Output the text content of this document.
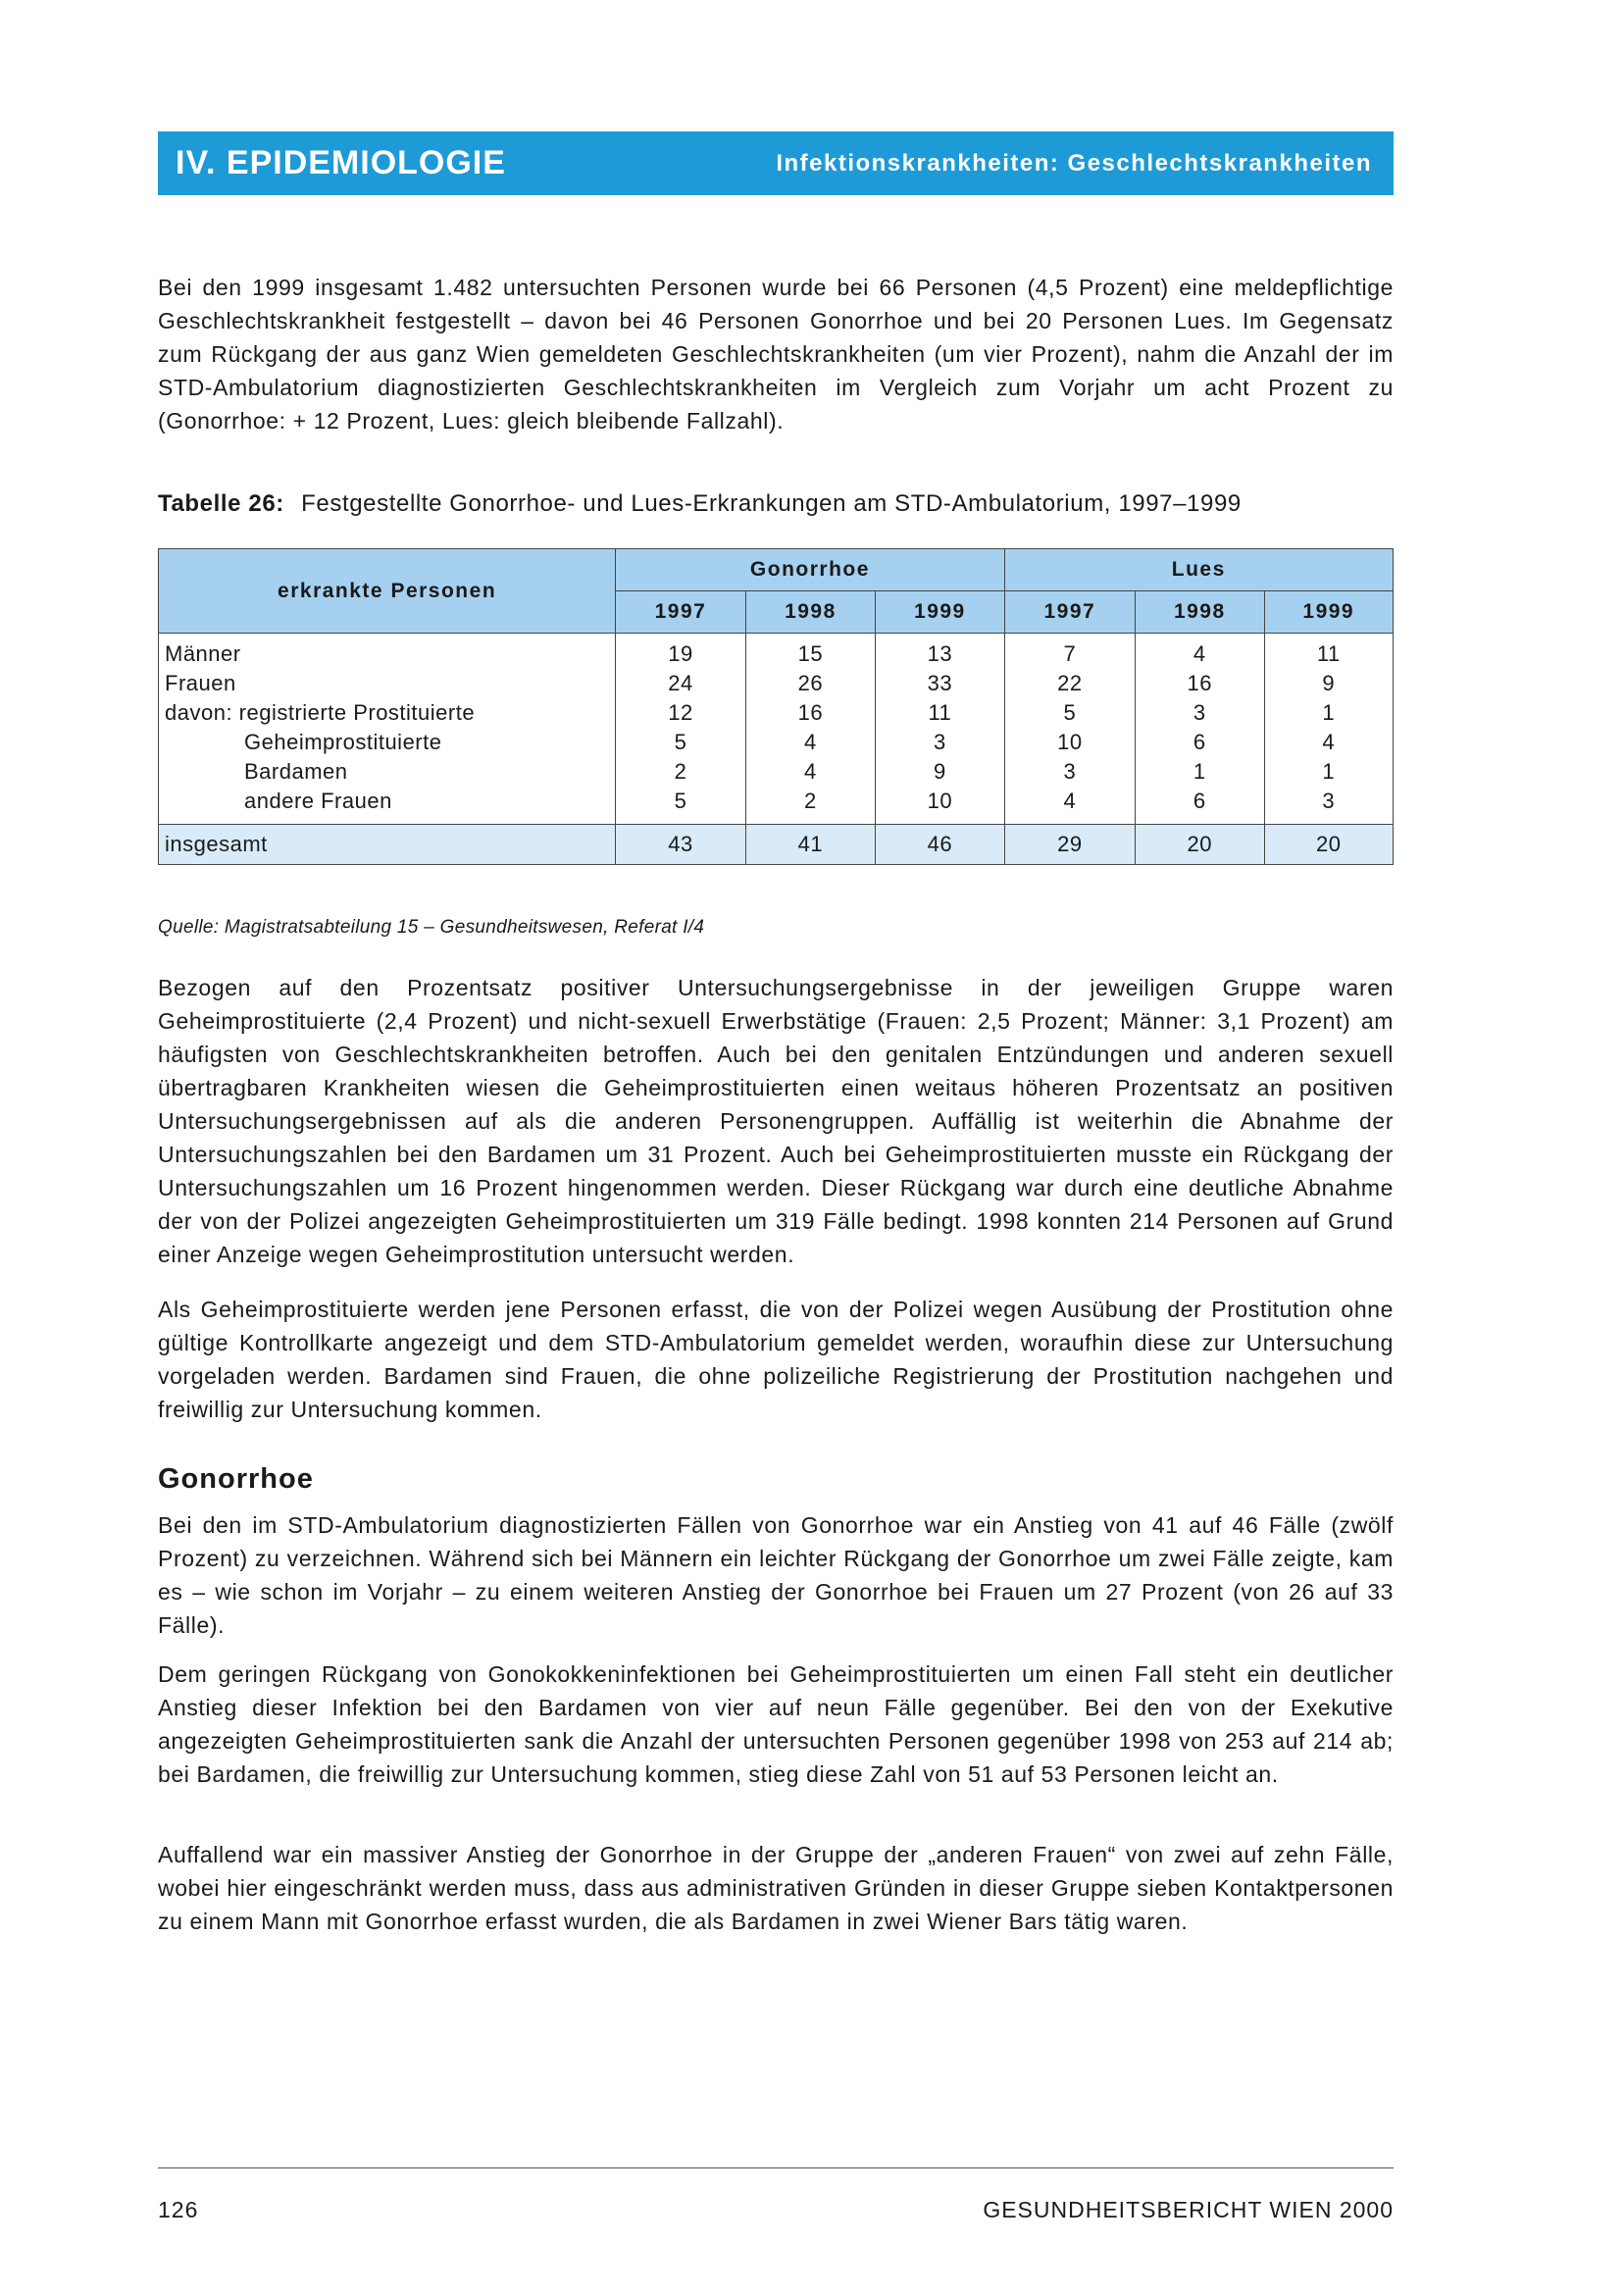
IV. EPIDEMIOLOGIE	Infektionskrankheiten: Geschlechtskrankheiten

Bei den 1999 insgesamt 1.482 untersuchten Personen wurde bei 66 Personen (4,5 Prozent) eine meldepflichtige Geschlechtskrankheit festgestellt – davon bei 46 Personen Gonorrhoe und bei 20 Personen Lues. Im Gegensatz zum Rückgang der aus ganz Wien gemeldeten Geschlechtskrankheiten (um vier Prozent), nahm die Anzahl der im STD-Ambulatorium diagnostizierten Geschlechtskrankheiten im Vergleich zum Vorjahr um acht Prozent zu (Gonorrhoe: + 12 Prozent, Lues: gleich bleibende Fallzahl).

Tabelle 26: Festgestellte Gonorrhoe- und Lues-Erkrankungen am STD-Ambulatorium, 1997–1999
erkrankte Personen	Gonorrhoe			Lues		
	1997	1998	1999	1997	1998	1999
Männer	19	15	13	7	4	11
Frauen	24	26	33	22	16	9
davon: registrierte Prostituierte	12	16	11	5	3	1
Geheimprostituierte	5	4	3	10	6	4
Bardamen	2	4	9	3	1	1
andere Frauen	5	2	10	4	6	3
insgesamt	43	41	46	29	20	20
Quelle: Magistratsabteilung 15 – Gesundheitswesen, Referat I/4

Bezogen auf den Prozentsatz positiver Untersuchungsergebnisse in der jeweiligen Gruppe waren Geheimprostituierte (2,4 Prozent) und nicht-sexuell Erwerbstätige (Frauen: 2,5 Prozent; Männer: 3,1 Prozent) am häufigsten von Geschlechtskrankheiten betroffen. Auch bei den genitalen Entzündungen und anderen sexuell übertragbaren Krankheiten wiesen die Geheimprostituierten einen weitaus höheren Prozentsatz an positiven Untersuchungsergebnissen auf als die anderen Personengruppen. Auffällig ist weiterhin die Abnahme der Untersuchungszahlen bei den Bardamen um 31 Prozent. Auch bei Geheimprostituierten musste ein Rückgang der Untersuchungszahlen um 16 Prozent hingenommen werden. Dieser Rückgang war durch eine deutliche Abnahme der von der Polizei angezeigten Geheimprostituierten um 319 Fälle bedingt. 1998 konnten 214 Personen auf Grund einer Anzeige wegen Geheimprostitution untersucht werden.

Als Geheimprostituierte werden jene Personen erfasst, die von der Polizei wegen Ausübung der Prostitution ohne gültige Kontrollkarte angezeigt und dem STD-Ambulatorium gemeldet werden, woraufhin diese zur Untersuchung vorgeladen werden. Bardamen sind Frauen, die ohne polizeiliche Registrierung der Prostitution nachgehen und freiwillig zur Untersuchung kommen.

Gonorrhoe

Bei den im STD-Ambulatorium diagnostizierten Fällen von Gonorrhoe war ein Anstieg von 41 auf 46 Fälle (zwölf Prozent) zu verzeichnen. Während sich bei Männern ein leichter Rückgang der Gonorrhoe um zwei Fälle zeigte, kam es – wie schon im Vorjahr – zu einem weiteren Anstieg der Gonorrhoe bei Frauen um 27 Prozent (von 26 auf 33 Fälle).

Dem geringen Rückgang von Gonokokkeninfektionen bei Geheimprostituierten um einen Fall steht ein deutlicher Anstieg dieser Infektion bei den Bardamen von vier auf neun Fälle gegenüber. Bei den von der Exekutive angezeigten Geheimprostituierten sank die Anzahl der untersuchten Personen gegenüber 1998 von 253 auf 214 ab; bei Bardamen, die freiwillig zur Untersuchung kommen, stieg diese Zahl von 51 auf 53 Personen leicht an.

Auffallend war ein massiver Anstieg der Gonorrhoe in der Gruppe der „anderen Frauen“ von zwei auf zehn Fälle, wobei hier eingeschränkt werden muss, dass aus administrativen Gründen in dieser Gruppe sieben Kontaktpersonen zu einem Mann mit Gonorrhoe erfasst wurden, die als Bardamen in zwei Wiener Bars tätig waren.

126	GESUNDHEITSBERICHT WIEN 2000
